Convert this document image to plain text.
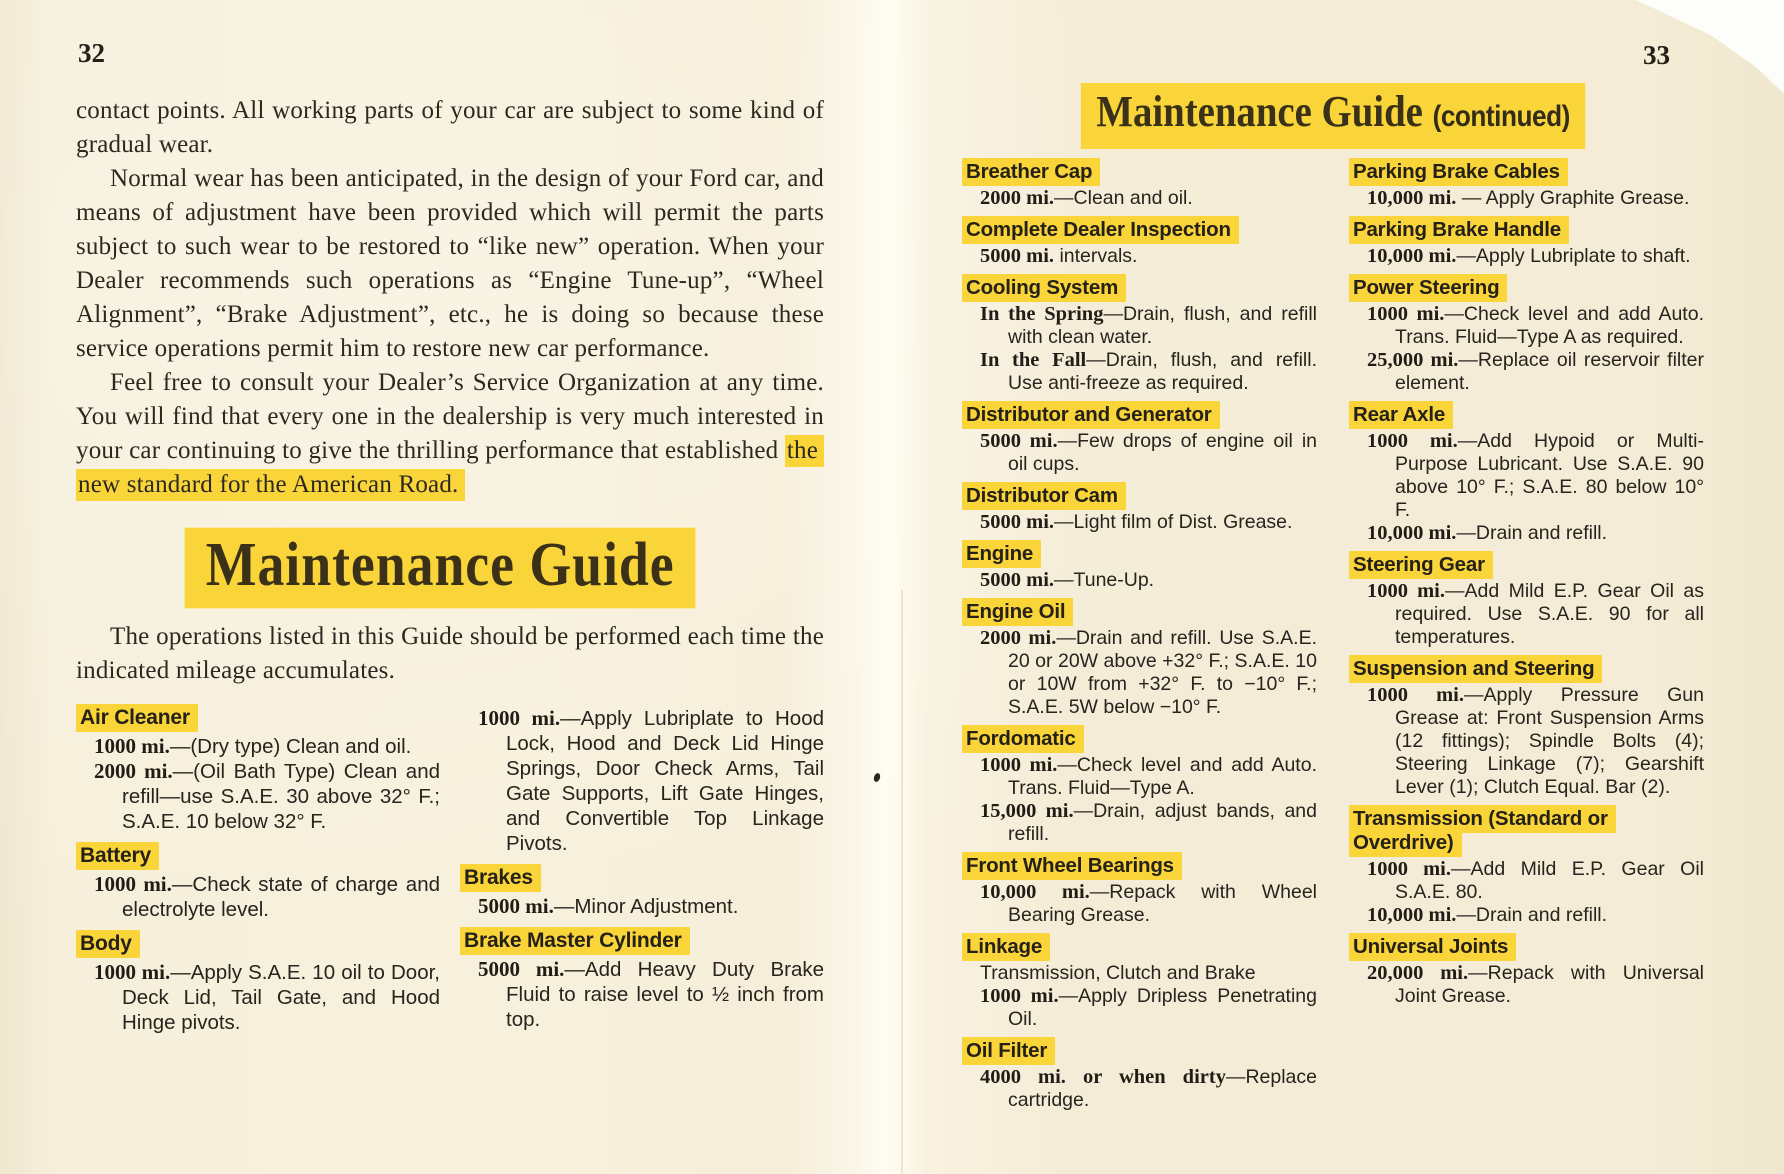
32

contact points. All working parts of your car are subject to some kind of gradual wear.

Normal wear has been anticipated, in the design of your Ford car, and means of adjustment have been provided which will permit the parts subject to such wear to be restored to “like new” operation. When your Dealer recommends such operations as “Engine Tune-up”, “Wheel Alignment”, “Brake Adjustment”, etc., he is doing so because these service operations permit him to restore new car performance.

Feel free to consult your Dealer’s Service Organization at any time. You will find that every one in the dealership is very much interested in your car continuing to give the thrilling performance that established the new standard for the American Road.

Maintenance Guide

The operations listed in this Guide should be performed each time the indicated mileage accumulates.

Air Cleaner

1000 mi.—(Dry type) Clean and oil.

2000 mi.—(Oil Bath Type) Clean and refill—use S.A.E. 30 above 32° F.; S.A.E. 10 below 32° F.

Battery

1000 mi.—Check state of charge and electrolyte level.

Body

1000 mi.—Apply S.A.E. 10 oil to Door, Deck Lid, Tail Gate, and Hood Hinge pivots.

1000 mi.—Apply Lubriplate to Hood Lock, Hood and Deck Lid Hinge Springs, Door Check Arms, Tail Gate Supports, Lift Gate Hinges, and Convertible Top Linkage Pivots.

Brakes

5000 mi.—Minor Adjustment.

Brake Master Cylinder

5000 mi.—Add Heavy Duty Brake Fluid to raise level to ½ inch from top.

33
Maintenance Guide (continued)
Breather Cap

2000 mi.—Clean and oil.

Complete Dealer Inspection

5000 mi. intervals.

Cooling System

In the Spring—Drain, flush, and refill with clean water.

In the Fall—Drain, flush, and refill. Use anti-freeze as required.

Distributor and Generator

5000 mi.—Few drops of engine oil in oil cups.

Distributor Cam

5000 mi.—Light film of Dist. Grease.

Engine

5000 mi.—Tune-Up.

Engine Oil

2000 mi.—Drain and refill. Use S.A.E. 20 or 20W above +32° F.; S.A.E. 10 or 10W from +32° F. to −10° F.; S.A.E. 5W below −10° F.

Fordomatic

1000 mi.—Check level and add Auto. Trans. Fluid—Type A.

15,000 mi.—Drain, adjust bands, and refill.

Front Wheel Bearings

10,000 mi.—Repack with Wheel Bearing Grease.

Linkage

Transmission, Clutch and Brake

1000 mi.—Apply Dripless Penetrating Oil.

Oil Filter

4000 mi. or when dirty—Replace cartridge.

Parking Brake Cables

10,000 mi. — Apply Graphite Grease.

Parking Brake Handle

10,000 mi.—Apply Lubriplate to shaft.

Power Steering

1000 mi.—Check level and add Auto. Trans. Fluid—Type A as required.

25,000 mi.—Replace oil reservoir filter element.

Rear Axle

1000 mi.—Add Hypoid or Multi-Purpose Lubricant. Use S.A.E. 90 above 10° F.; S.A.E. 80 below 10° F.

10,000 mi.—Drain and refill.

Steering Gear

1000 mi.—Add Mild E.P. Gear Oil as required. Use S.A.E. 90 for all temperatures.

Suspension and Steering

1000 mi.—Apply Pressure Gun Grease at: Front Suspension Arms (12 fittings); Spindle Bolts (4); Steering Linkage (7); Gearshift Lever (1); Clutch Equal. Bar (2).

Transmission (Standard or Overdrive)

1000 mi.—Add Mild E.P. Gear Oil S.A.E. 80.

10,000 mi.—Drain and refill.

Universal Joints

20,000 mi.—Repack with Universal Joint Grease.
